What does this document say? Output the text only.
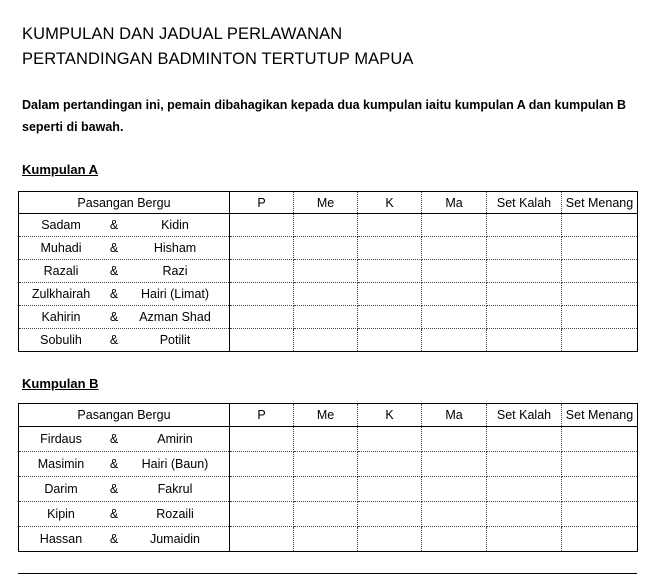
KUMPULAN DAN JADUAL PERLAWANAN
PERTANDINGAN BADMINTON TERTUTUP MAPUA
Dalam pertandingan ini, pemain dibahagikan kepada dua kumpulan iaitu kumpulan A dan kumpulan B seperti di bawah.
Kumpulan A
Pasangan Bergu	P	Me	K	Ma	Set Kalah	Set Menang

Sadam & Kidin						

Muhadi & Hisham						

Razali & Razi						

Zulkhairah & Hairi (Limat)						

Kahirin & Azman Shad						

Sobulih & Potilit						

Kumpulan B
Pasangan Bergu	P	Me	K	Ma	Set Kalah	Set Menang

Firdaus & Amirin						

Masimin & Hairi (Baun)						

Darim & Fakrul						

Kipin & Rozaili						

Hassan & Jumaidin						
